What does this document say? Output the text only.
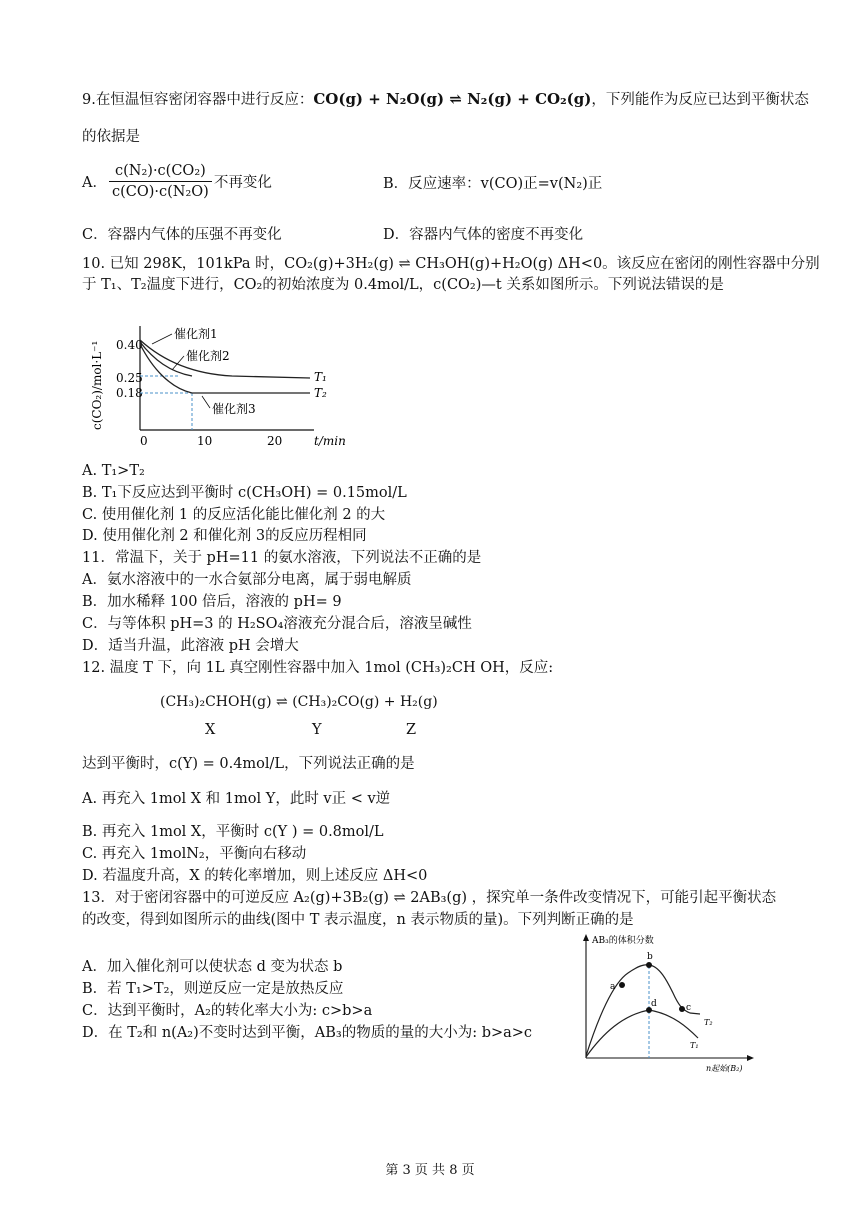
9.在恒温恒容密闭容器中进行反应：CO(g) + N₂O(g) ⇌ N₂(g) + CO₂(g)，下列能作为反应已达到平衡状态
的依据是
A． $\frac{\text{c(N₂)·c(CO₂)}}{\text{c(CO)·c(N₂O)}}$ 不再变化	B．反应速率：v(CO)正=v(N₂)正
C．容器内气体的压强不再变化	D．容器内气体的密度不再变化
10. 已知 298K，101kPa 时，CO₂(g)+3H₂(g) ⇌ CH₃OH(g)+H₂O(g) ΔH<0。该反应在密闭的刚性容器中分别
于 T₁、T₂温度下进行，CO₂的初始浓度为 0.4mol/L，c(CO₂)—t 关系如图所示。下列说法错误的是
c(CO₂)/mol·L⁻¹ 0.40
0.25
0.18
0	10	20	t/min
催化剂1
催化剂2
催化剂3
T₁
T₂
A. T₁>T₂
B. T₁下反应达到平衡时 c(CH₃OH) = 0.15mol/L
C. 使用催化剂 1 的反应活化能比催化剂 2 的大
D. 使用催化剂 2 和催化剂 3的反应历程相同
11．常温下，关于 pH=11 的氨水溶液，下列说法不正确的是
A．氨水溶液中的一水合氨部分电离，属于弱电解质
B．加水稀释 100 倍后，溶液的 pH= 9
C．与等体积 pH=3 的 H₂SO₄溶液充分混合后，溶液呈碱性
D．适当升温，此溶液 pH 会增大
12. 温度 T 下，向 1L 真空刚性容器中加入 1mol (CH₃)₂CH OH，反应:
(CH₃)₂CHOH(g) ⇌ (CH₃)₂CO(g) + H₂(g)
X	Y	Z
达到平衡时，c(Y) = 0.4mol/L，下列说法正确的是
A. 再充入 1mol X 和 1mol Y，此时 v正 < v逆
B. 再充入 1mol X，平衡时 c(Y ) = 0.8mol/L
C. 再充入 1molN₂，平衡向右移动
D. 若温度升高，X 的转化率增加，则上述反应 ΔH<0
13．对于密闭容器中的可逆反应 A₂(g)+3B₂(g) ⇌ 2AB₃(g) ，探究单一条件改变情况下，可能引起平衡状态
的改变，得到如图所示的曲线(图中 T 表示温度，n 表示物质的量)。下列判断正确的是
A．加入催化剂可以使状态 d 变为状态 b
B．若 T₁>T₂，则逆反应一定是放热反应
C．达到平衡时，A₂的转化率大小为: c>b>a
D．在 T₂和 n(A₂)不变时达到平衡，AB₃的物质的量的大小为: b>a>c
AB₃的体积分数
n起始(B₂)
a
b
c
d
T₂
T₁
第 3 页 共 8 页
